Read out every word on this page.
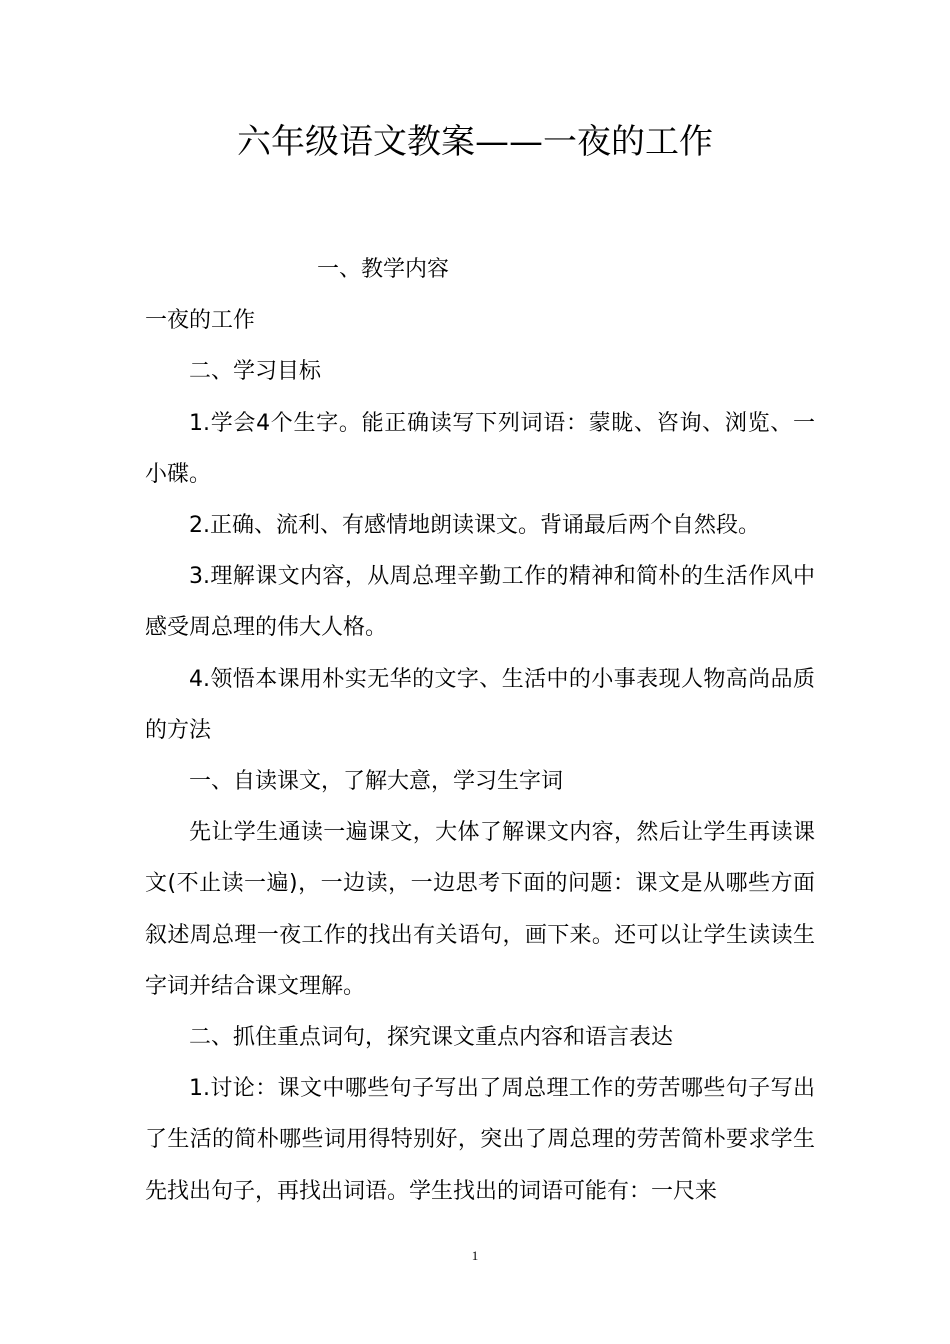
六年级语文教案——一夜的工作

一、教学内容

一夜的工作

二、学习目标

1.学会4个生字。能正确读写下列词语：蒙眬、咨询、浏览、一小碟。

2.正确、流利、有感情地朗读课文。背诵最后两个自然段。

3.理解课文内容，从周总理辛勤工作的精神和简朴的生活作风中感受周总理的伟大人格。

4.领悟本课用朴实无华的文字、生活中的小事表现人物高尚品质的方法

一、自读课文，了解大意，学习生字词

先让学生通读一遍课文，大体了解课文内容，然后让学生再读课文(不止读一遍)，一边读，一边思考下面的问题：课文是从哪些方面叙述周总理一夜工作的找出有关语句，画下来。还可以让学生读读生字词并结合课文理解。

二、抓住重点词句，探究课文重点内容和语言表达

1.讨论：课文中哪些句子写出了周总理工作的劳苦哪些句子写出了生活的简朴哪些词用得特别好，突出了周总理的劳苦简朴要求学生先找出句子，再找出词语。学生找出的词语可能有：一尺来

1
